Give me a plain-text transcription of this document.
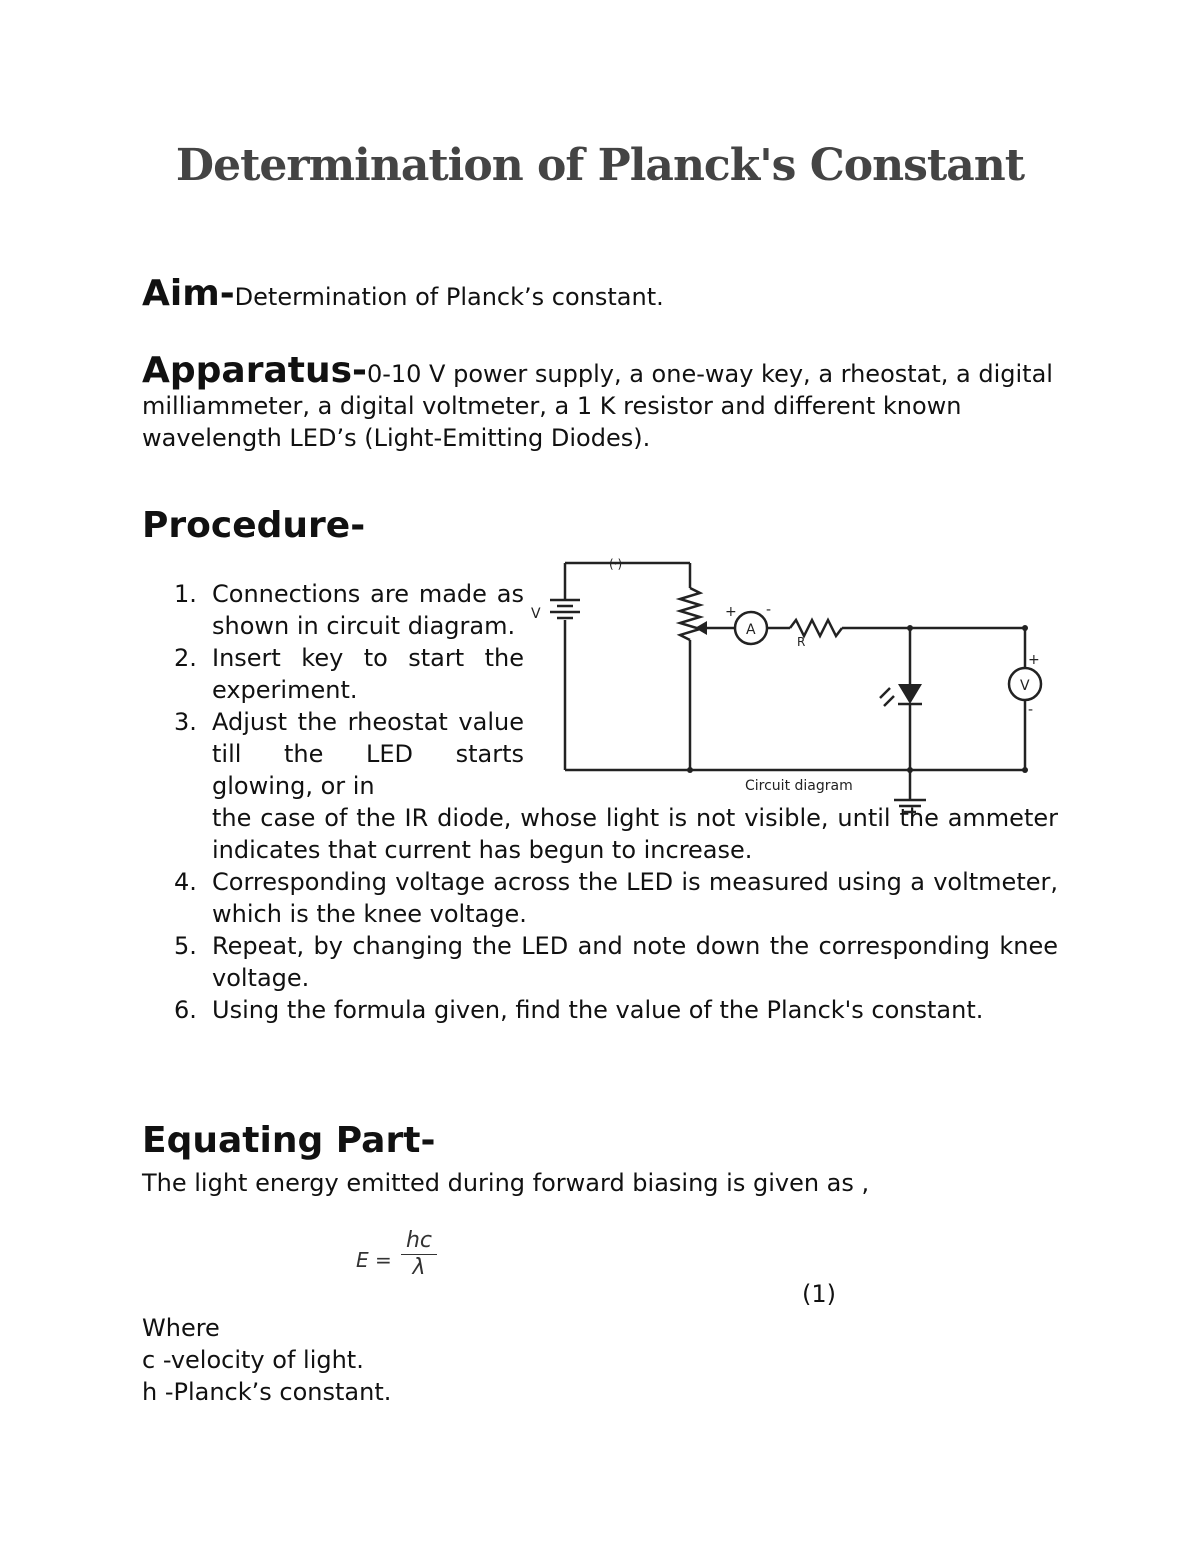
Determination of Planck's Constant

Aim-Determination of Planck’s constant.

Apparatus-0-10 V power supply, a one-way key, a rheostat, a digital milliammeter, a digital voltmeter, a 1 K resistor and different known wavelength LED’s (Light-Emitting Diodes).

Procedure-

1. Connections are made as shown in circuit diagram.
2. Insert key to start the experiment.
3. Adjust the rheostat value till the LED starts glowing, or in
the case of the IR diode, whose light is not visible, until the ammeter indicates that current has begun to increase.
4. Corresponding voltage across the LED is measured using a voltmeter, which is the knee voltage.
5. Repeat, by changing the LED and note down the corresponding knee voltage.
6. Using the formula given, find the value of the Planck's constant.
V
(·)
A
+ -
R
V
+
-
Circuit diagram

Equating Part-

The light energy emitted during forward biasing is given as ,

$E = \frac{hc}{\lambda}$
(1)
Where
c -velocity of light.
h -Planck’s constant.
